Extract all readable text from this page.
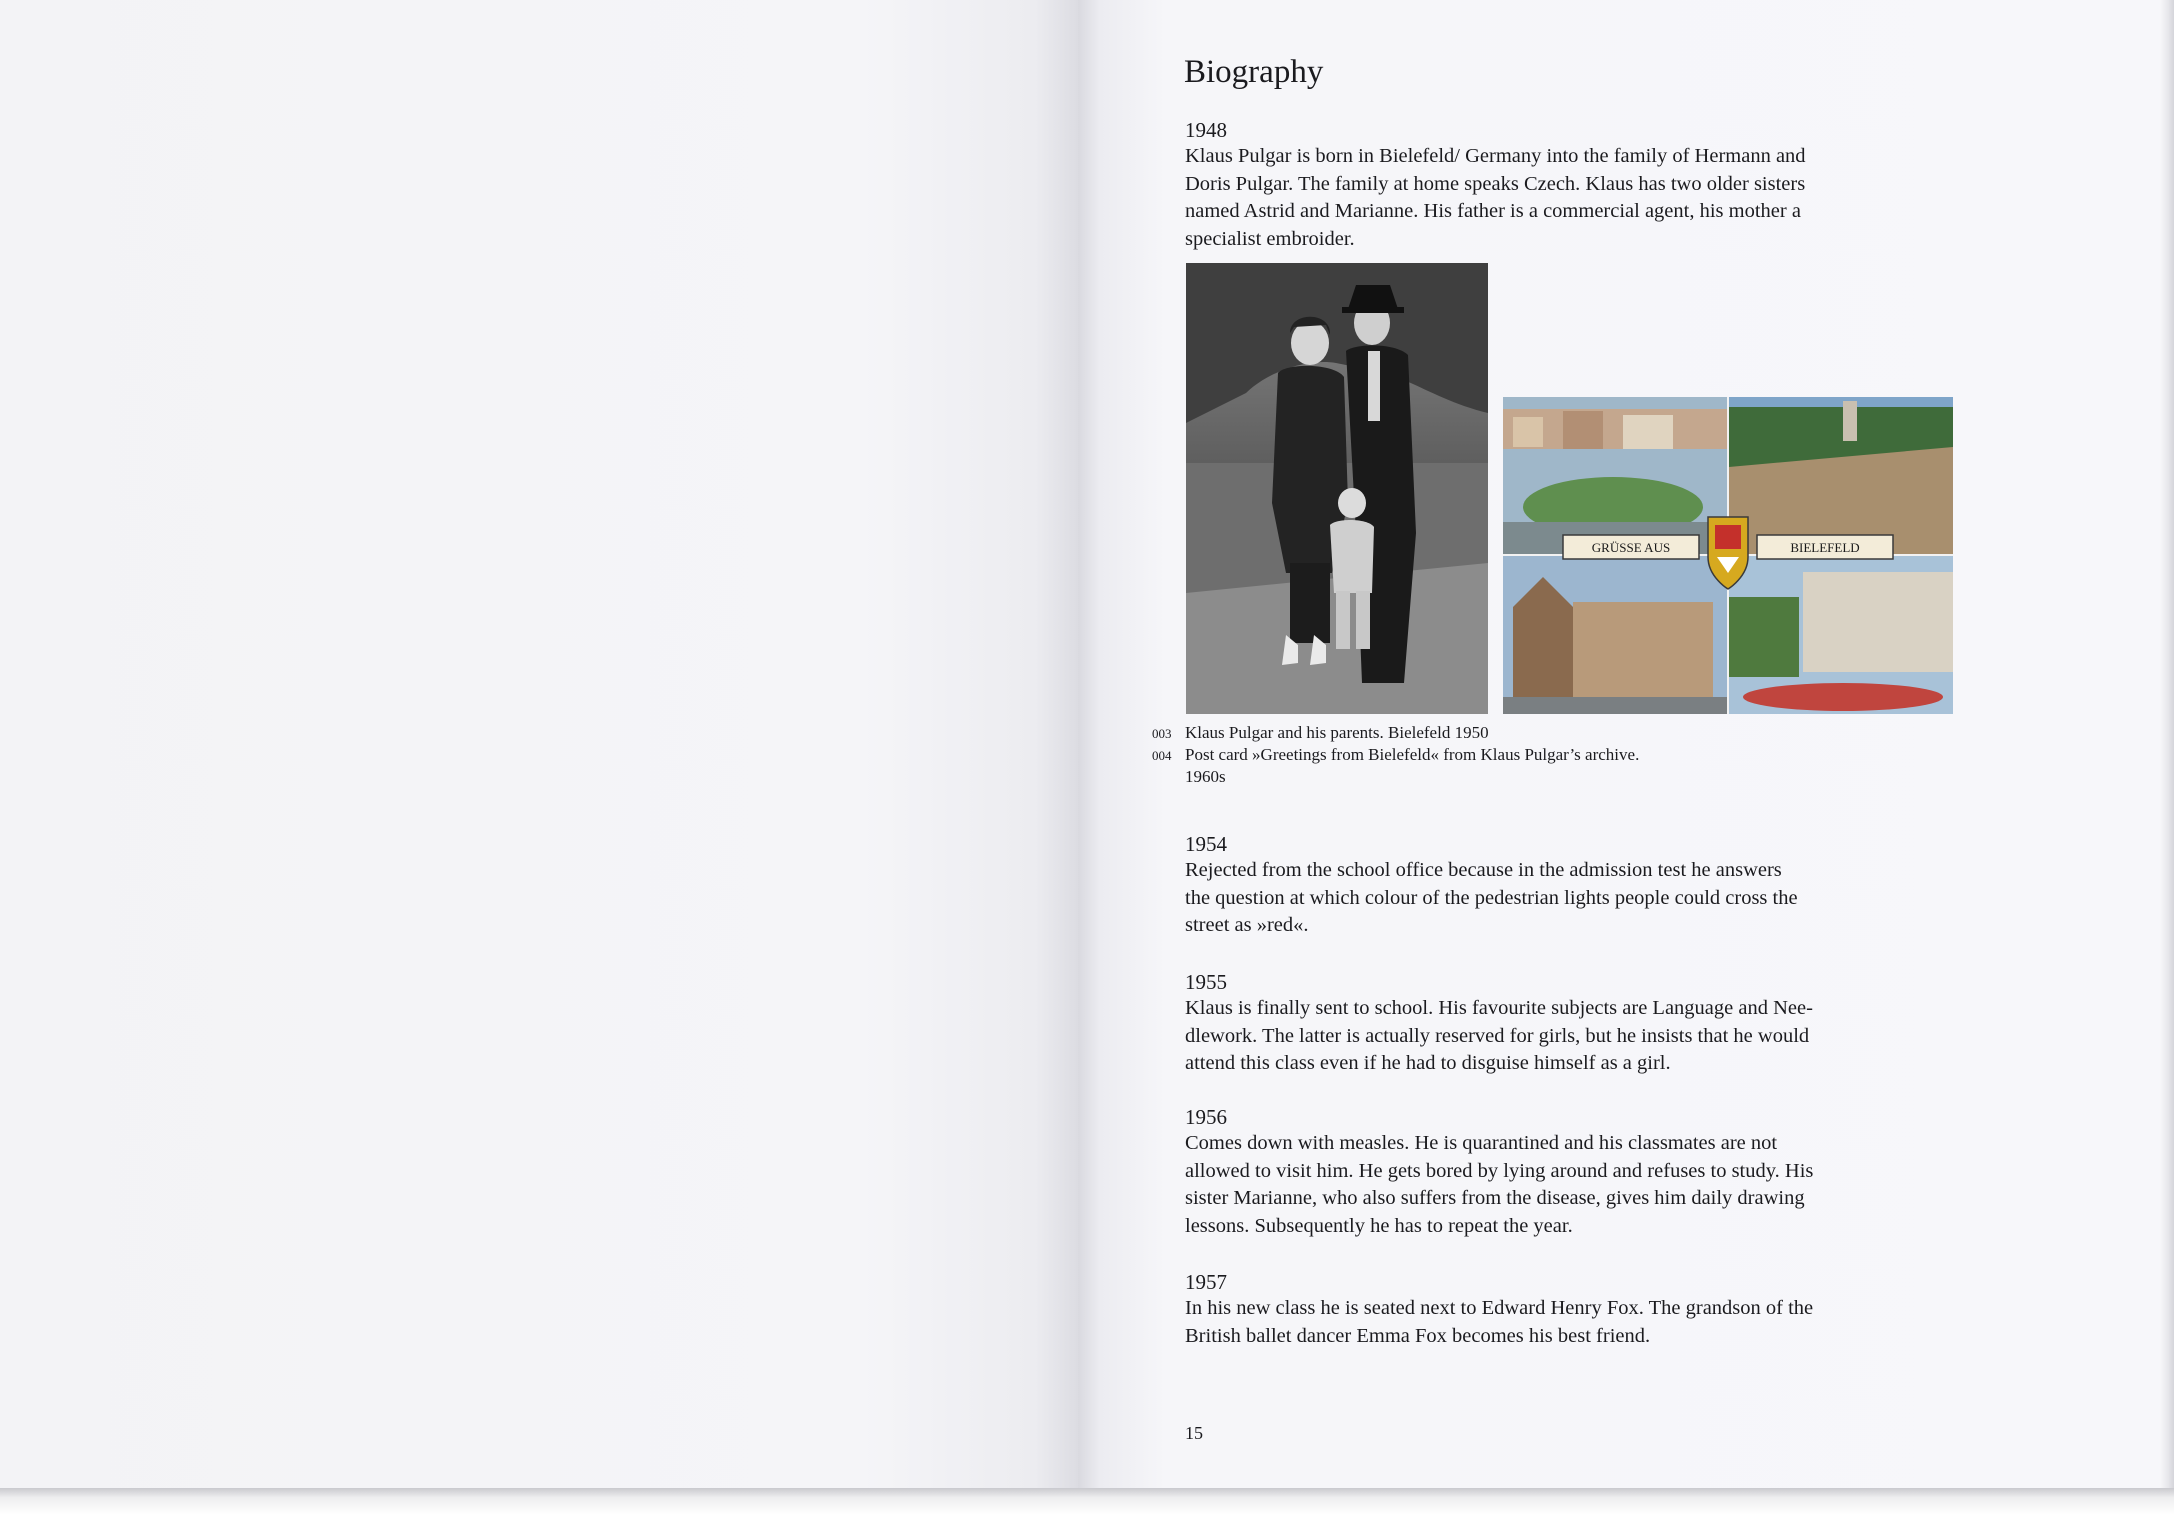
Biography
1948
Klaus Pulgar is born in Bielefeld/ Germany into the family of Hermann and
Doris Pulgar. The family at home speaks Czech. Klaus has two older sisters
named Astrid and Marianne. His father is a commercial agent, his mother a
specialist embroider.
GRÜSSE AUS	BIELEFELD
003 Klaus Pulgar and his parents. Bielefeld 1950
004 Post card »Greetings from Bielefeld« from Klaus Pulgar’s archive.
1960s
1954
Rejected from the school office because in the admission test he answers
the question at which colour of the pedestrian lights people could cross the
street as »red«.
1955
Klaus is finally sent to school. His favourite subjects are Language and Nee-
dlework. The latter is actually reserved for girls, but he insists that he would
attend this class even if he had to disguise himself as a girl.
1956
Comes down with measles. He is quarantined and his classmates are not
allowed to visit him. He gets bored by lying around and refuses to study. His
sister Marianne, who also suffers from the disease, gives him daily drawing
lessons. Subsequently he has to repeat the year.
1957
In his new class he is seated next to Edward Henry Fox. The grandson of the
British ballet dancer Emma Fox becomes his best friend.
15
